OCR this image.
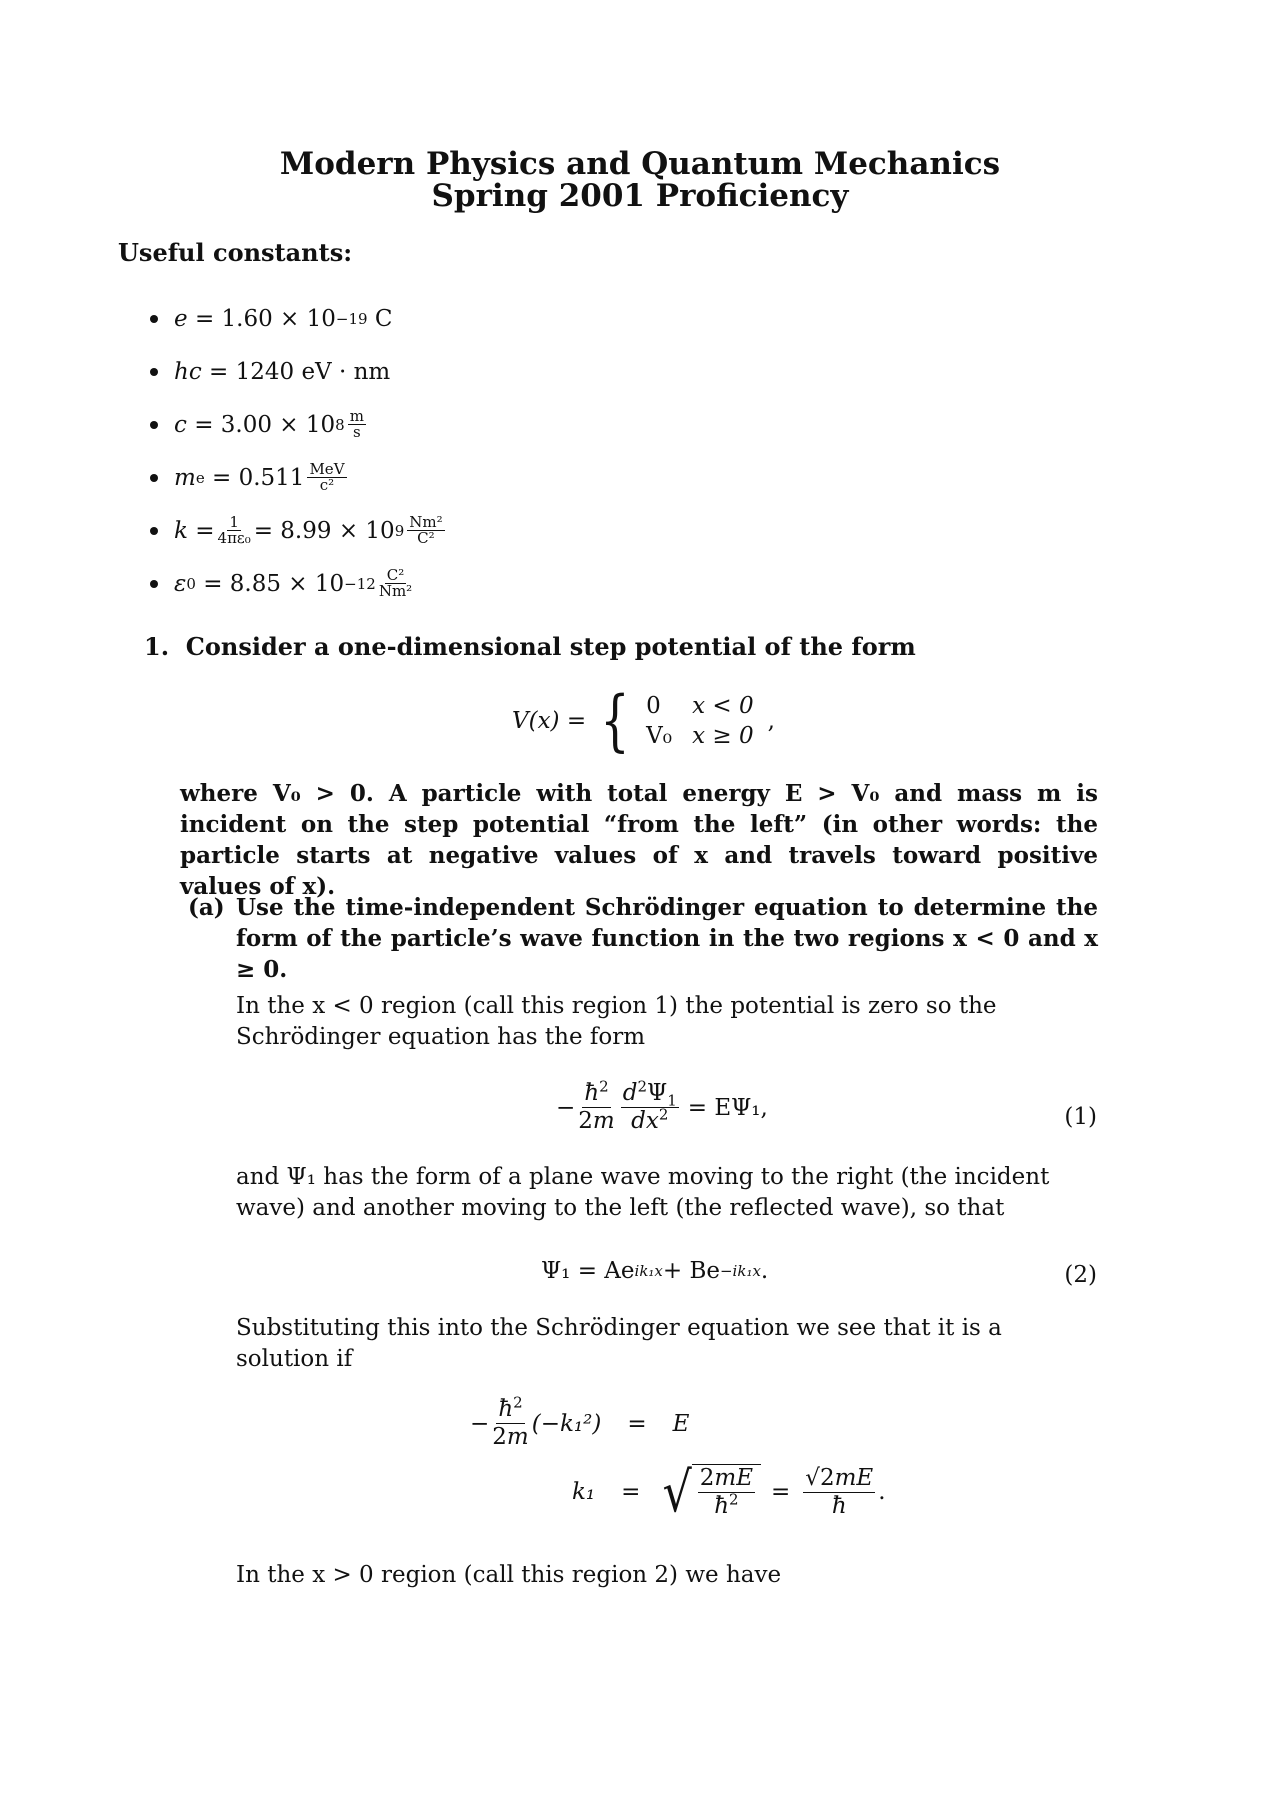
Modern Physics and Quantum Mechanics
Spring 2001 Proficiency
Useful constants:
e
= 1.60 × 10 −19
C
hc
= 1240 eV · nm
c
= 3.00 × 10 $8 \frac{m}{s}$
m e
= $0.511 \frac{\text{MeV}}{\text{c²}}$
$k = \frac{1}{\text{4πε₀}} = 8.99 \times 10$ $9 \frac{\text{Nm²}}{\text{C²}}$
ε 0
= $8.85 \times 10 -12 \frac{\text{C²}}{\text{Nm²}}$
1. Consider a one-dimensional step potential of the form
V(x) = { 0 x < 0
V₀ x ≥ 0
,
where V₀ > 0. A particle with total energy E > V₀ and mass m is incident on the step potential “from the left” (in other words: the particle starts at negative values of x and travels toward positive values of x).
(a) Use the time-independent Schrödinger equation to determine the form of the particle’s wave function in the two regions x < 0 and x ≥ 0.
In the x < 0 region (call this region 1) the potential is zero so the Schrödinger equation has the form
− $\frac{ħ^2}{2m} \frac{d^2\Psi_1}{dx^2} = E\Psi_1$,	(1)
and Ψ₁ has the form of a plane wave moving to the right (the incident wave) and another moving to the left (the reflected wave), so that
Ψ₁ = Ae ik₁x + Be −ik₁x .	(2)
Substituting this into the Schrödinger equation we see that it is a solution if
− $\frac{ħ^2}{2m} (-k_1^2) = E$
k₁ = √ $\frac{2mE}{ħ^2} = \frac{√2mE}{ħ}$ .
In the x > 0 region (call this region 2) we have
